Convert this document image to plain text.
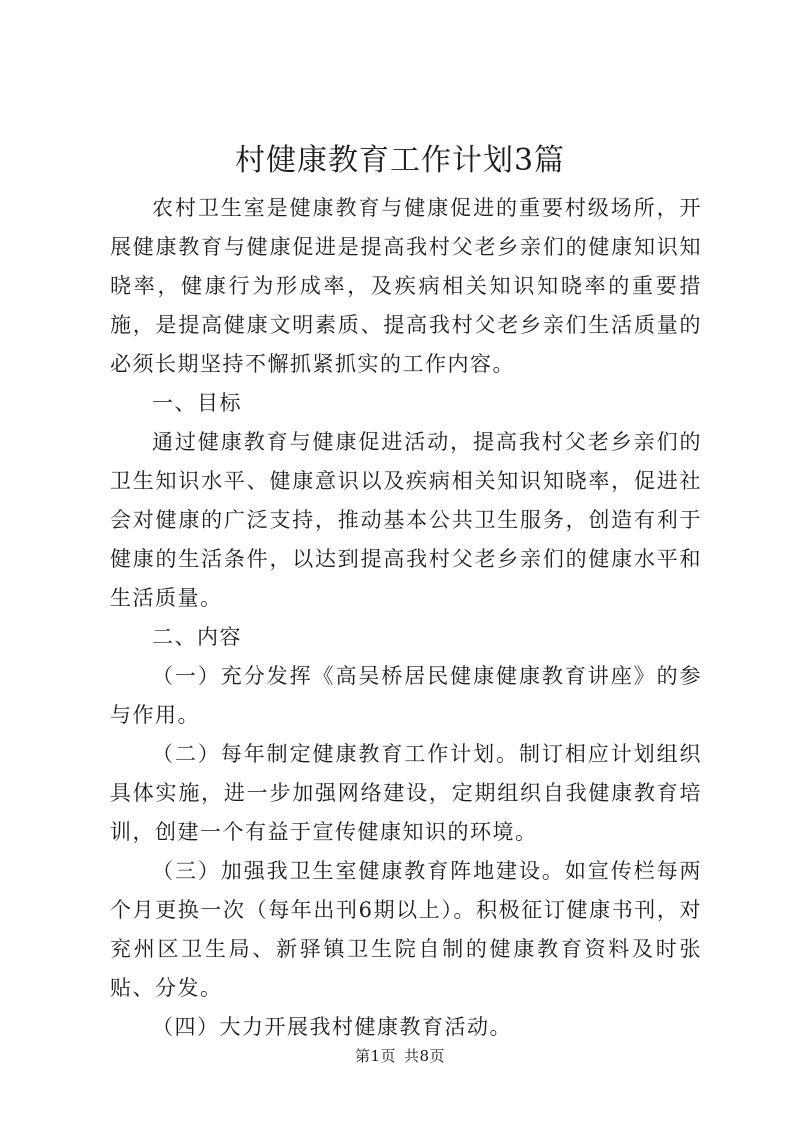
村健康教育工作计划3篇

农村卫生室是健康教育与健康促进的重要村级场所，开展健康教育与健康促进是提高我村父老乡亲们的健康知识知晓率，健康行为形成率，及疾病相关知识知晓率的重要措施，是提高健康文明素质、提高我村父老乡亲们生活质量的必须长期坚持不懈抓紧抓实的工作内容。

一、目标

通过健康教育与健康促进活动，提高我村父老乡亲们的卫生知识水平、健康意识以及疾病相关知识知晓率，促进社会对健康的广泛支持，推动基本公共卫生服务，创造有利于健康的生活条件，以达到提高我村父老乡亲们的健康水平和生活质量。

二、内容

（一）充分发挥《高吴桥居民健康健康教育讲座》的参与作用。

（二）每年制定健康教育工作计划。制订相应计划组织具体实施，进一步加强网络建设，定期组织自我健康教育培训，创建一个有益于宣传健康知识的环境。

（三）加强我卫生室健康教育阵地建设。如宣传栏每两个月更换一次（每年出刊6期以上）。积极征订健康书刊，对兖州区卫生局、新驿镇卫生院自制的健康教育资料及时张贴、分发。

（四）大力开展我村健康教育活动。

第1页 共8页
